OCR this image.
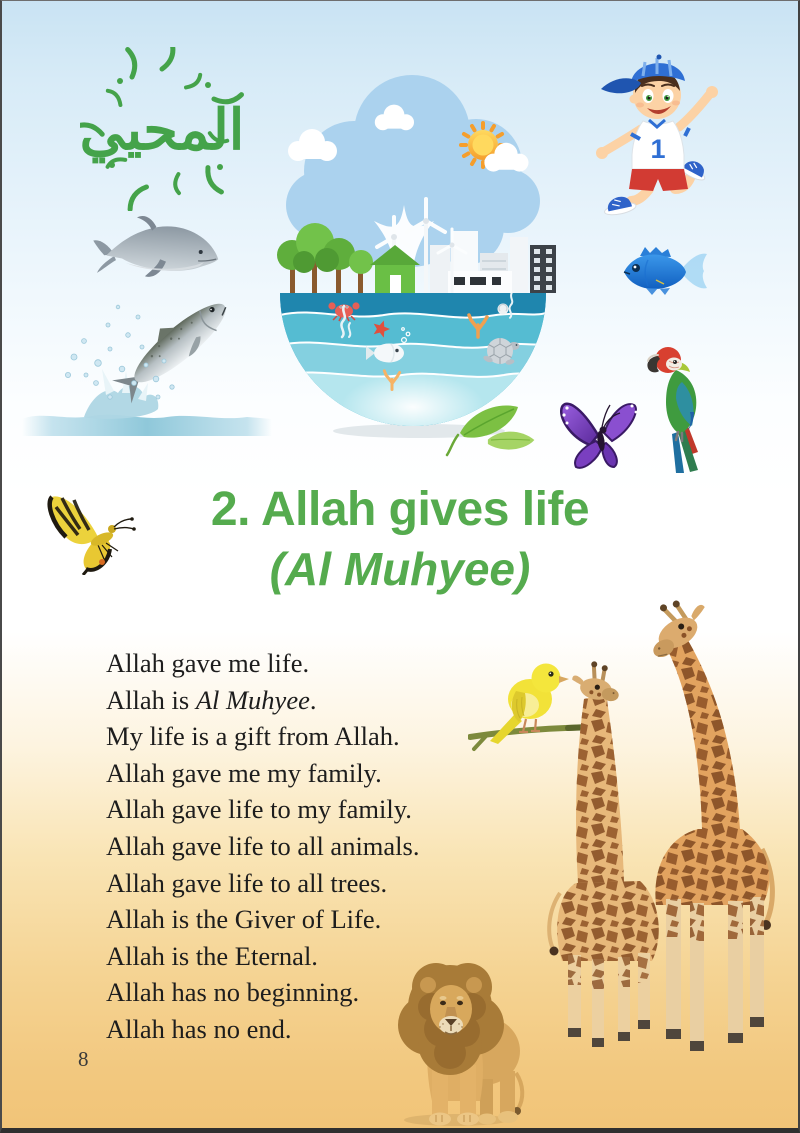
المحيي	1
2. Allah gives life
(Al Muhyee)
Allah gave me life.
Allah is Al Muhyee.
My life is a gift from Allah.
Allah gave me my family.
Allah gave life to my family.
Allah gave life to all animals.
Allah gave life to all trees.
Allah is the Giver of Life.
Allah is the Eternal.
Allah has no beginning.
Allah has no end.
8
